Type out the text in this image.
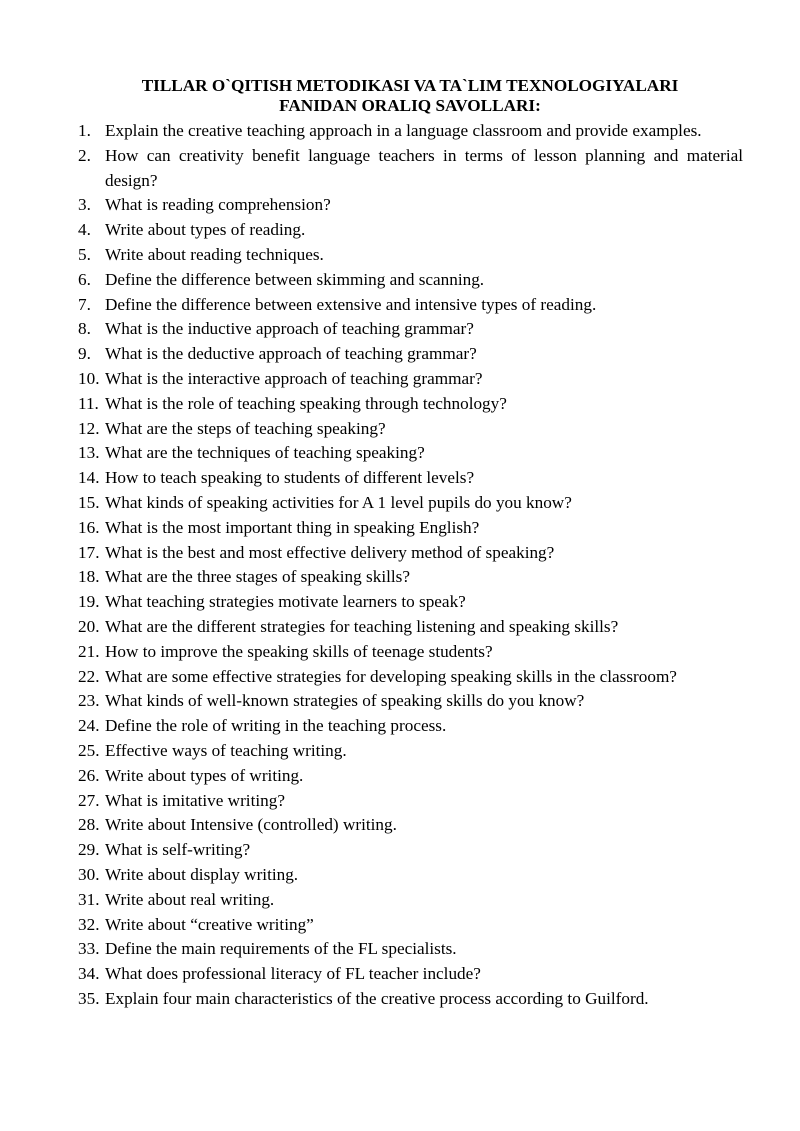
TILLAR O`QITISH METODIKASI VA TA`LIM TEXNOLOGIYALARI
FANIDAN ORALIQ SAVOLLARI:
1. Explain the creative teaching approach in a language classroom and provide examples.
2. How can creativity benefit language teachers in terms of lesson planning and material design?
3. What is reading comprehension?
4. Write about types of reading.
5. Write about reading techniques.
6. Define the difference between skimming and scanning.
7. Define the difference between extensive and intensive types of reading.
8. What is the inductive approach of teaching grammar?
9. What is the deductive approach of teaching grammar?
10. What is the interactive approach of teaching grammar?
11. What is the role of teaching speaking through technology?
12. What are the steps of teaching speaking?
13. What are the techniques of teaching speaking?
14. How to teach speaking to students of different levels?
15. What kinds of speaking activities for A 1 level pupils do you know?
16. What is the most important thing in speaking English?
17. What is the best and most effective delivery method of speaking?
18. What are the three stages of speaking skills?
19. What teaching strategies motivate learners to speak?
20. What are the different strategies for teaching listening and speaking skills?
21. How to improve the speaking skills of teenage students?
22. What are some effective strategies for developing speaking skills in the classroom?
23. What kinds of well-known strategies of speaking skills do you know?
24. Define the role of writing in the teaching process.
25. Effective ways of teaching writing.
26. Write about types of writing.
27. What is imitative writing?
28. Write about Intensive (controlled) writing.
29. What is self-writing?
30. Write about display writing.
31. Write about real writing.
32. Write about “creative writing”
33. Define the main requirements of the FL specialists.
34. What does professional literacy of FL teacher include?
35. Explain four main characteristics of the creative process according to Guilford.
